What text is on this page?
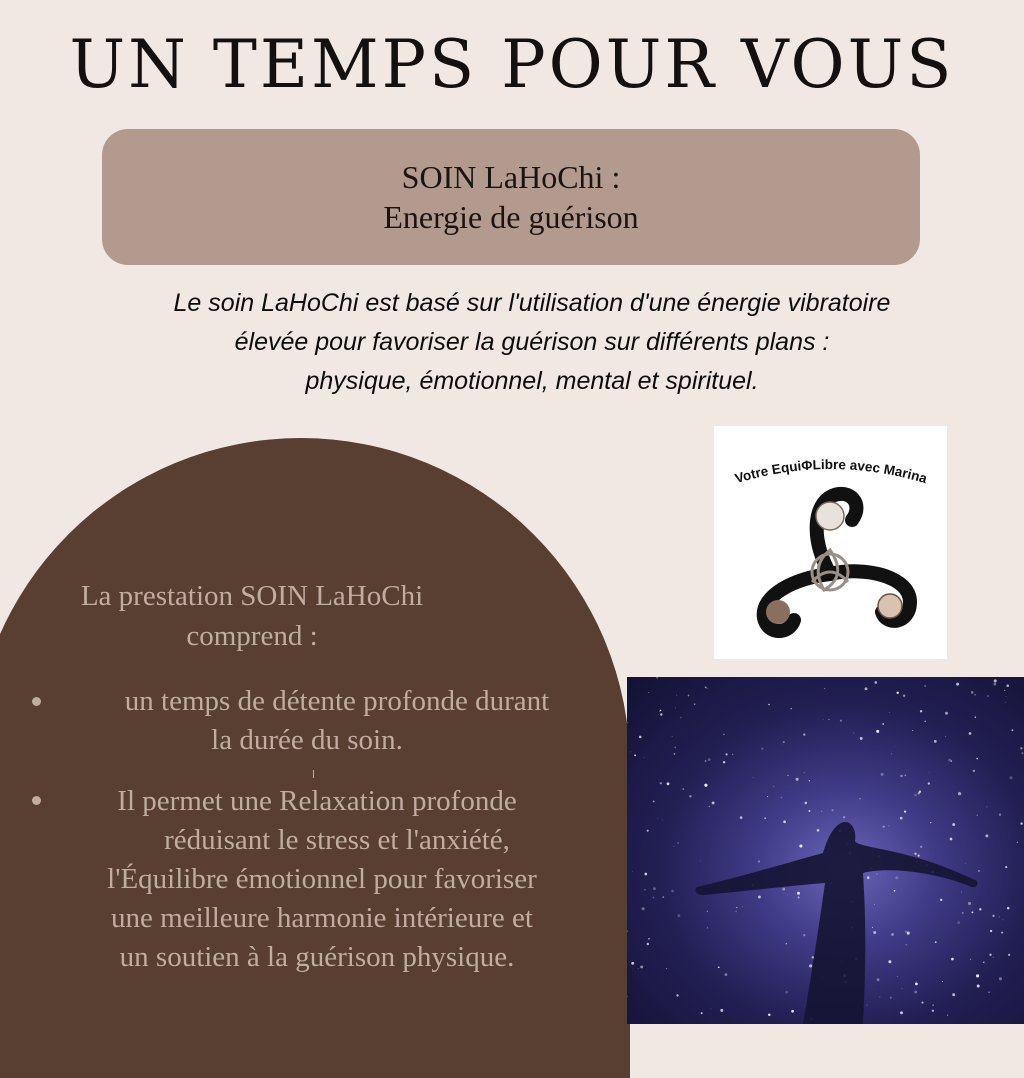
UN TEMPS POUR VOUS
SOIN LaHoChi :
Energie de guérison
Le soin LaHoChi est basé sur l'utilisation d'une énergie vibratoire
élevée pour favoriser la guérison sur différents plans :
physique, émotionnel, mental et spirituel.
La prestation SOIN LaHoChi
comprend :
un temps de détente profonde durant
la durée du soin.
Il permet une Relaxation profonde
réduisant le stress et l'anxiété,
l'Équilibre émotionnel pour favoriser
une meilleure harmonie intérieure et
un soutien à la guérison physique.
Votre EquiΦLibre avec Marina
